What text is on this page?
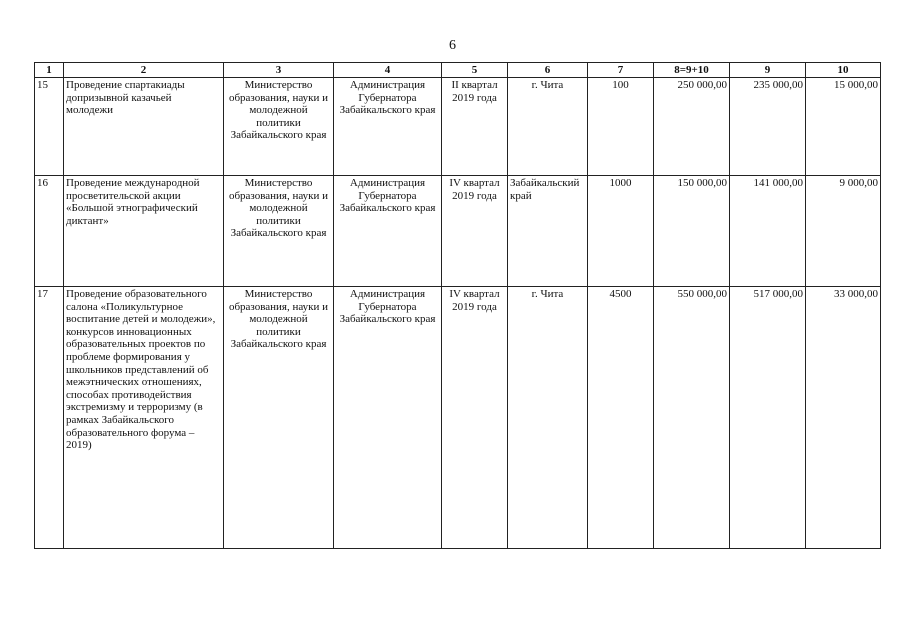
6
1	2	3	4	5	6	7	8=9+10	9	10
15	Проведение спартакиады допризывной казачьей молодежи	Министерство образования, науки и молодежной политики Забайкальского края	Администрация Губернатора Забайкальского края	II квартал 2019 года	г. Чита	100	250 000,00	235 000,00	15 000,00
16	Проведение международной просветительской акции «Большой этнографический диктант»	Министерство образования, науки и молодежной политики Забайкальского края	Администрация Губернатора Забайкальского края	IV квартал 2019 года	Забайкальский край	1000	150 000,00	141 000,00	9 000,00
17	Проведение образовательного салона «Поликультурное воспитание детей и молодежи», конкурсов инновационных образовательных проектов по проблеме формирования у школьников представлений об межэтнических отношениях, способах противодействия экстремизму и терроризму (в рамках Забайкальского образовательного форума – 2019)	Министерство образования, науки и молодежной политики Забайкальского края	Администрация Губернатора Забайкальского края	IV квартал 2019 года	г. Чита	4500	550 000,00	517 000,00	33 000,00
